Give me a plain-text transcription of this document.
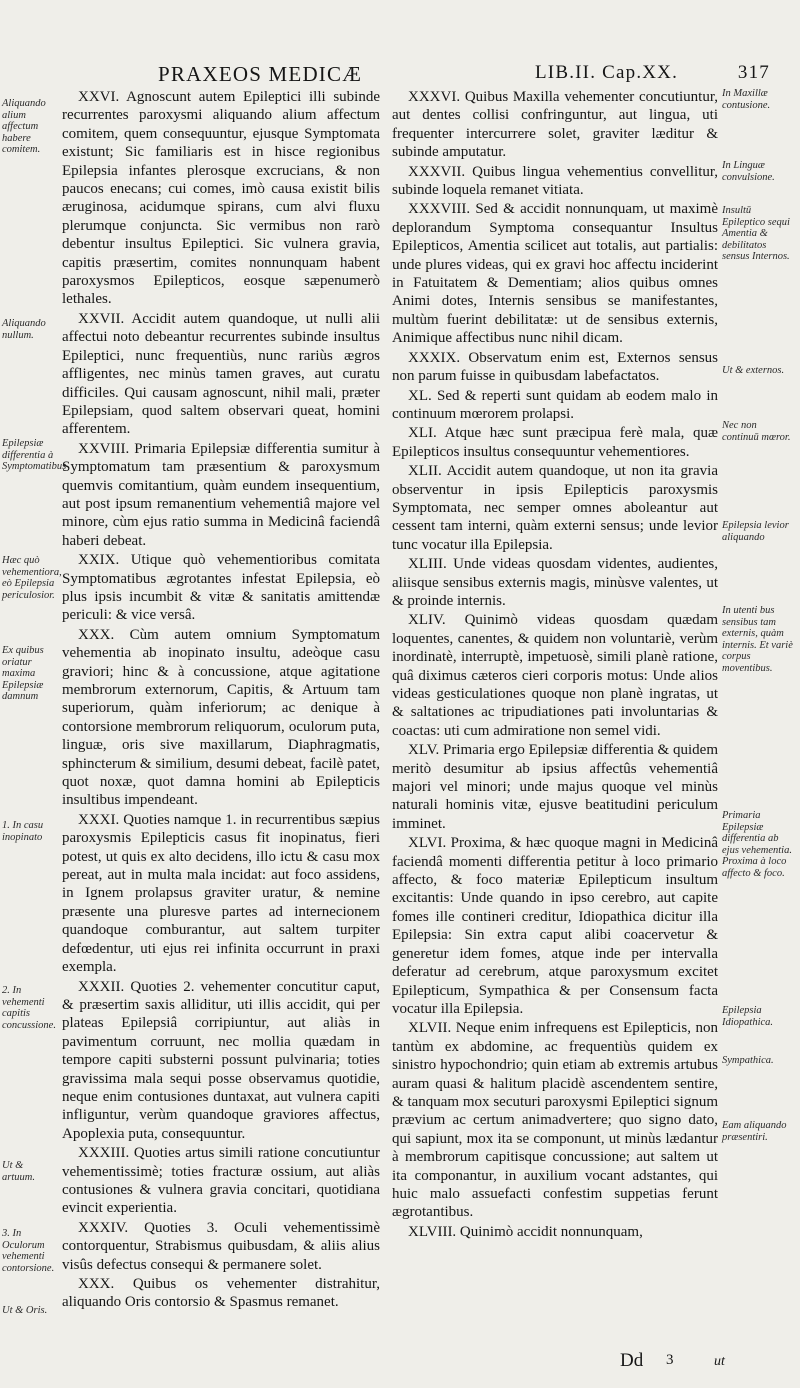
PRAXEOS MEDICÆ	LIB.II. Cap.XX.	317
Aliquando alium affectum habere comitem.
Aliquando nullum.
Epilepsiæ differentia à Symptomatibus
Hæc quò vehementiora, eò Epilepsia periculosior.
Ex quibus oriatur maxima Epilepsiæ damnum
1. In casu inopinato
2. In vehementi capitis concussione.
Ut & artuum.
3. In Oculorum vehementi contorsione.
Ut & Oris.

XXVI. Agnoscunt autem Epileptici illi subinde recurrentes paroxysmi aliquando alium affectum comitem, quem consequuntur, ejusque Symptomata existunt; Sic familiaris est in hisce regionibus Epilepsia infantes plerosque excrucians, & non paucos enecans; cui comes, imò causa existit bilis æruginosa, acidumque spirans, cum alvi fluxu plerumque conjuncta. Sic vermibus non rarò debentur insultus Epileptici. Sic vulnera gravia, capitis præsertim, comites nonnunquam habent paroxysmos Epilepticos, eosque sæpenumerò lethales.

XXVII. Accidit autem quandoque, ut nulli alii affectui noto debeantur recurrentes subinde insultus Epileptici, nunc frequentiùs, nunc rariùs ægros affligentes, nec minùs tamen graves, aut curatu difficiles. Qui causam agnoscunt, nihil mali, præter Epilepsiam, quod saltem observari queat, homini afferentem.

XXVIII. Primaria Epilepsiæ differentia sumitur à Symptomatum tam præsentium & paroxysmum quemvis comitantium, quàm eundem insequentium, aut post ipsum remanentium vehementiâ majore vel minore, cùm ejus ratio summa in Medicinâ faciendâ haberi debeat.

XXIX. Utique quò vehementioribus comitata Symptomatibus ægrotantes infestat Epilepsia, eò plus ipsis incumbit & vitæ & sanitatis amittendæ periculi: & vice versâ.

XXX. Cùm autem omnium Symptomatum vehementia ab inopinato insultu, adeòque casu graviori; hinc & à concussione, atque agitatione membrorum externorum, Capitis, & Artuum tam superiorum, quàm inferiorum; ac denique à contorsione membrorum reliquorum, oculorum puta, linguæ, oris sive maxillarum, Diaphragmatis, sphincterum & similium, desumi debeat, facilè patet, quot noxæ, quot damna homini ab Epilepticis insultibus impendeant.

XXXI. Quoties namque 1. in recurrentibus sæpius paroxysmis Epilepticis casus fit inopinatus, fieri potest, ut quis ex alto decidens, illo ictu & casu mox pereat, aut in multa mala incidat: aut foco assidens, in Ignem prolapsus graviter uratur, & nemine præsente una pluresve partes ad internecionem quandoque comburantur, aut saltem turpiter defœdentur, uti ejus rei infinita occurrunt in praxi exempla.

XXXII. Quoties 2. vehementer concutitur caput, & præsertim saxis alliditur, uti illis accidit, qui per plateas Epilepsiâ corripiuntur, aut aliàs in pavimentum corruunt, nec mollia quædam in tempore capiti substerni possunt pulvinaria; toties gravissima mala sequi posse observamus quotidie, neque enim contusiones duntaxat, aut vulnera capiti infliguntur, verùm quandoque graviores affectus, Apoplexia puta, consequuntur.

XXXIII. Quoties artus simili ratione concutiuntur vehementissimè; toties fracturæ ossium, aut aliàs contusiones & vulnera gravia concitari, quotidiana evincit experientia.

XXXIV. Quoties 3. Oculi vehementissimè contorquentur, Strabismus quibusdam, & aliis alius visûs defectus consequi & permanere solet.

XXX. Quibus os vehementer distrahitur, aliquando Oris contorsio & Spasmus remanet.

XXXVI. Quibus Maxilla vehementer concutiuntur, aut dentes collisi confringuntur, aut lingua, uti frequenter intercurrere solet, graviter læditur & subinde amputatur.

XXXVII. Quibus lingua vehementius convellitur, subinde loquela remanet vitiata.

XXXVIII. Sed & accidit nonnunquam, ut maximè deplorandum Symptoma consequantur Insultus Epilepticos, Amentia scilicet aut totalis, aut partialis: unde plures videas, qui ex gravi hoc affectu inciderint in Fatuitatem & Dementiam; alios quibus omnes Animi dotes, Internis sensibus se manifestantes, multùm fuerint debilitatæ: ut de sensibus externis, Animique affectibus nunc nihil dicam.

XXXIX. Observatum enim est, Externos sensus non parum fuisse in quibusdam labefactatos.

XL. Sed & reperti sunt quidam ab eodem malo in continuum mœrorem prolapsi.

XLI. Atque hæc sunt præcipua ferè mala, quæ Epilepticos insultus consequuntur vehementiores.

XLII. Accidit autem quandoque, ut non ita gravia observentur in ipsis Epilepticis paroxysmis Symptomata, nec semper omnes aboleantur aut cessent tam interni, quàm externi sensus; unde levior tunc vocatur illa Epilepsia.

XLIII. Unde videas quosdam videntes, audientes, aliisque sensibus externis magis, minùsve valentes, ut & proinde internis.

XLIV. Quinimò videas quosdam quædam loquentes, canentes, & quidem non voluntariè, verùm inordinatè, interruptè, impetuosè, simili planè ratione, quâ diximus cæteros cieri corporis motus: Unde alios videas gesticulationes quoque non planè ingratas, ut & saltationes ac tripudiationes pati involuntarias & coactas: uti cum admiratione non semel vidi.

XLV. Primaria ergo Epilepsiæ differentia & quidem meritò desumitur ab ipsius affectûs vehementiâ majori vel minori; unde majus quoque vel minùs naturali hominis vitæ, ejusve beatitudini periculum imminet.

XLVI. Proxima, & hæc quoque magni in Medicinâ faciendâ momenti differentia petitur à loco primario affecto, & foco materiæ Epilepticum insultum excitantis: Unde quando in ipso cerebro, aut capite fomes ille contineri creditur, Idiopathica dicitur illa Epilepsia: Sin extra caput alibi coacervetur & generetur idem fomes, atque inde per intervalla deferatur ad cerebrum, atque paroxysmum excitet Epilepticum, Sympathica & per Consensum facta vocatur illa Epilepsia.

XLVII. Neque enim infrequens est Epilepticis, non tantùm ex abdomine, ac frequentiùs quidem ex sinistro hypochondrio; quin etiam ab extremis artubus auram quasi & halitum placidè ascendentem sentire, & tanquam mox secuturi paroxysmi Epileptici signum prævium ac certum animadvertere; quo signo dato, qui sapiunt, mox ita se componunt, ut minùs lædantur à membrorum capitisque concussione; aut saltem ut ita componantur, in auxilium vocant adstantes, qui huic malo assuefacti confestim suppetias ferunt ægrotantibus.

XLVIII. Quinimò accidit nonnunquam,

In Maxillæ contusione.
In Linguæ convulsione.
Insultū Epileptico sequi Amentia & debilitatos sensus Internos.
Ut & externos.
Nec non continuū mœror.
Epilepsia levior aliquando
In utenti bus sensibus tam externis, quàm internis. Et variè corpus moventibus.
Primaria Epilepsiæ differentia ab ejus vehementia. Proxima à loco affecto & foco.
Epilepsia Idiopathica.
Sympathica.
Eam aliquando præsentiri.
Dd 3	ut
